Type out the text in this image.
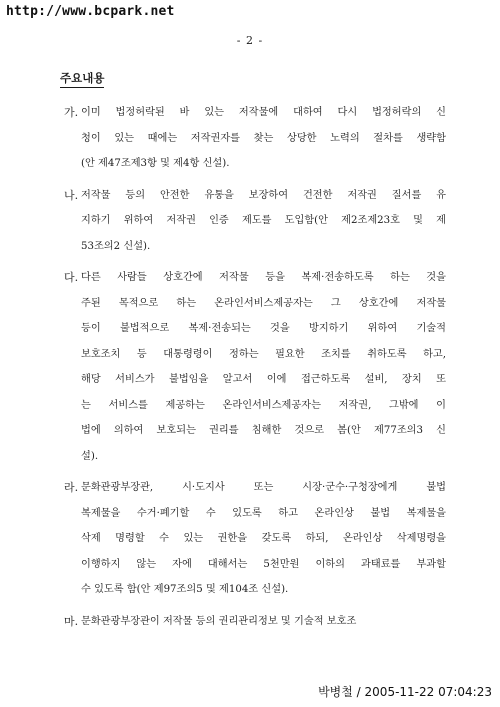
http://www.bcpark.net
- 2 -
주요내용
가. 이미 법정허락된 바 있는 저작물에 대하여 다시 법정허락의 신
청이 있는 때에는 저작권자를 찾는 상당한 노력의 절차를 생략함
(안 제47조제3항 및 제4항 신설).
나. 저작물 등의 안전한 유통을 보장하여 건전한 저작권 질서를 유
지하기 위하여 저작권 인증 제도를 도입함(안 제2조제23호 및 제
53조의2 신설).
다. 다른 사람들 상호간에 저작물 등을 복제·전송하도록 하는 것을
주된 목적으로 하는 온라인서비스제공자는 그 상호간에 저작물
등이 불법적으로 복제·전송되는 것을 방지하기 위하여 기술적
보호조치 등 대통령령이 정하는 필요한 조치를 취하도록 하고,
해당 서비스가 불법임을 알고서 이에 접근하도록 설비, 장치 또
는 서비스를 제공하는 온라인서비스제공자는 저작권, 그밖에 이
법에 의하여 보호되는 권리를 침해한 것으로 봄(안 제77조의3 신
설).
라. 문화관광부장관, 시·도지사 또는 시장·군수·구청장에게 불법
복제물을 수거·폐기할 수 있도록 하고 온라인상 불법 복제물을
삭제 명령할 수 있는 권한을 갖도록 하되, 온라인상 삭제명령을
이행하지 않는 자에 대해서는 5천만원 이하의 과태료를 부과할
수 있도록 함(안 제97조의5 및 제104조 신설).
마. 문화관광부장관이 저작물 등의 권리관리정보 및 기술적 보호조
박병철 / 2005-11-22 07:04:23
